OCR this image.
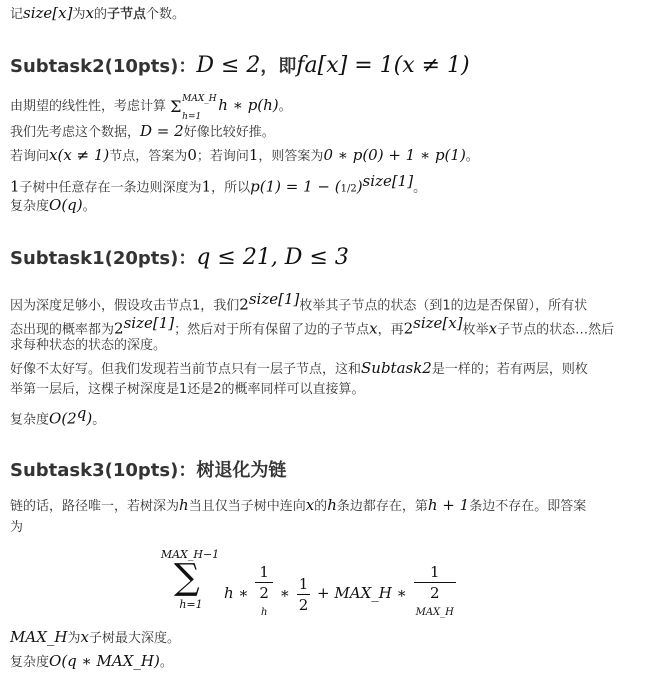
记size[x]为x的子节点个数。
Subtask2(10pts)：D ≤ 2，即fa[x] = 1(x ≠ 1)
由期望的线性性，考虑计算 Σ MAX_H
h=1
h ∗ p(h)。
我们先考虑这个数据，D = 2好像比较好推。
若询问x(x ≠ 1)节点，答案为0；若询问1，则答案为0 ∗ p(0) + 1 ∗ p(1)。
1子树中任意存在一条边则深度为1，所以$p(1) = 1 - (1/2)^{size[1]}$。
复杂度O(q)。
Subtask1(20pts)：q ≤ 21, D ≤ 3
因为深度足够小，假设攻击节点1，我们$2^{size[1]}$枚举其子节点的状态（到1的边是否保留），所有状
态出现的概率都为$2^{size[1]}$；然后对于所有保留了边的子节点x，再$2^{size[x]}$枚举x子节点的状态…然后
求每种状态的状态的深度。
好像不太好写。但我们发现若当前节点只有一层子节点，这和Subtask2是一样的；若有两层，则枚
举第一层后，这棵子树深度是1还是2的概率同样可以直接算。
复杂度O(2$^q$)。
Subtask3(10pts)：树退化为链
链的话，路径唯一，若树深为h当且仅当子树中连向x的h条边都存在，第h + 1条边不存在。即答案
为
MAX_H−1
∑
h=1
h ∗ 1
2
$^h$ ∗ $\frac{1}{2}$ + MAX_H ∗ 1
2
$^{MAX\_H}$
MAX_H为x子树最大深度。
复杂度O(q ∗ MAX_H)。
